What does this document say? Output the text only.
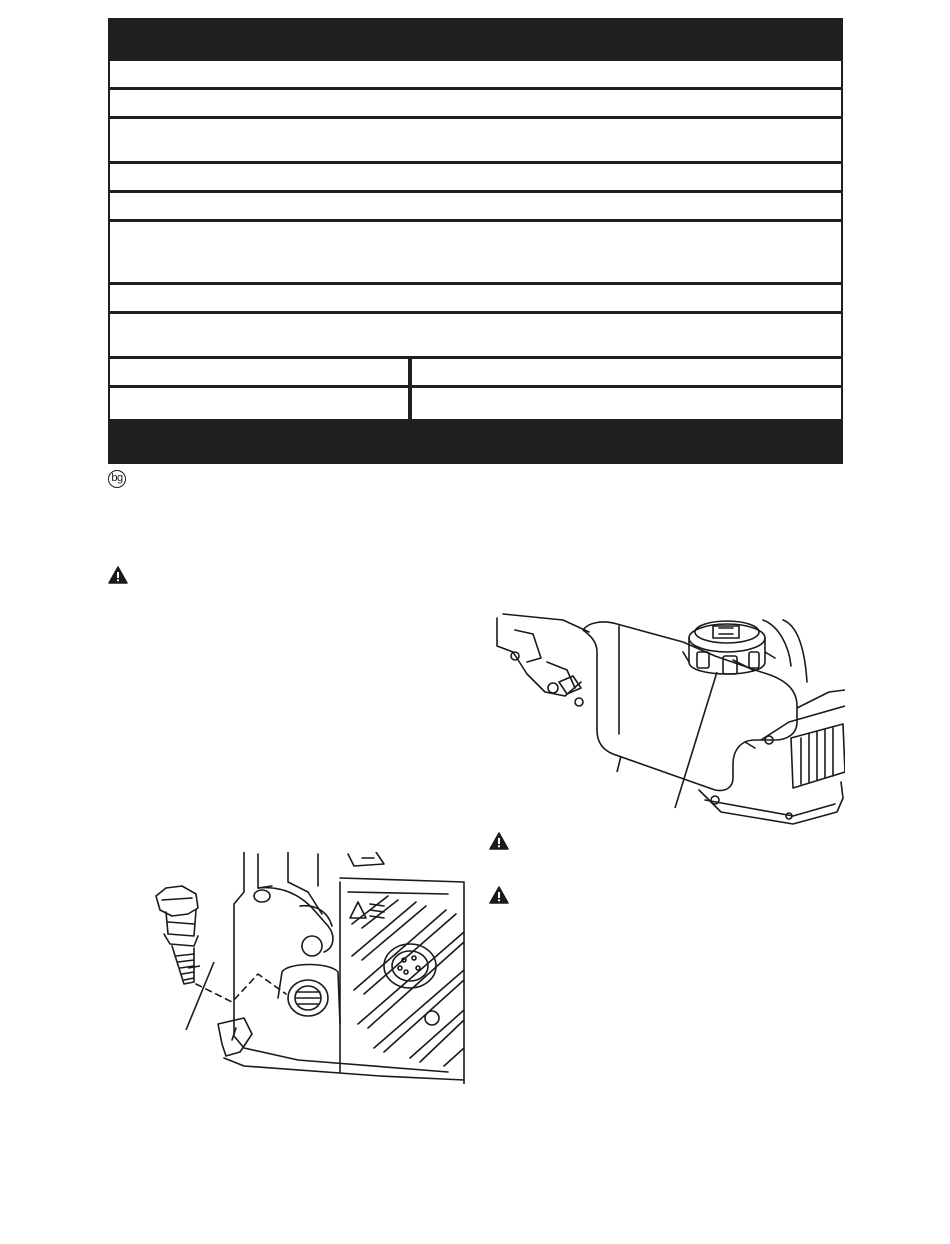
bg
